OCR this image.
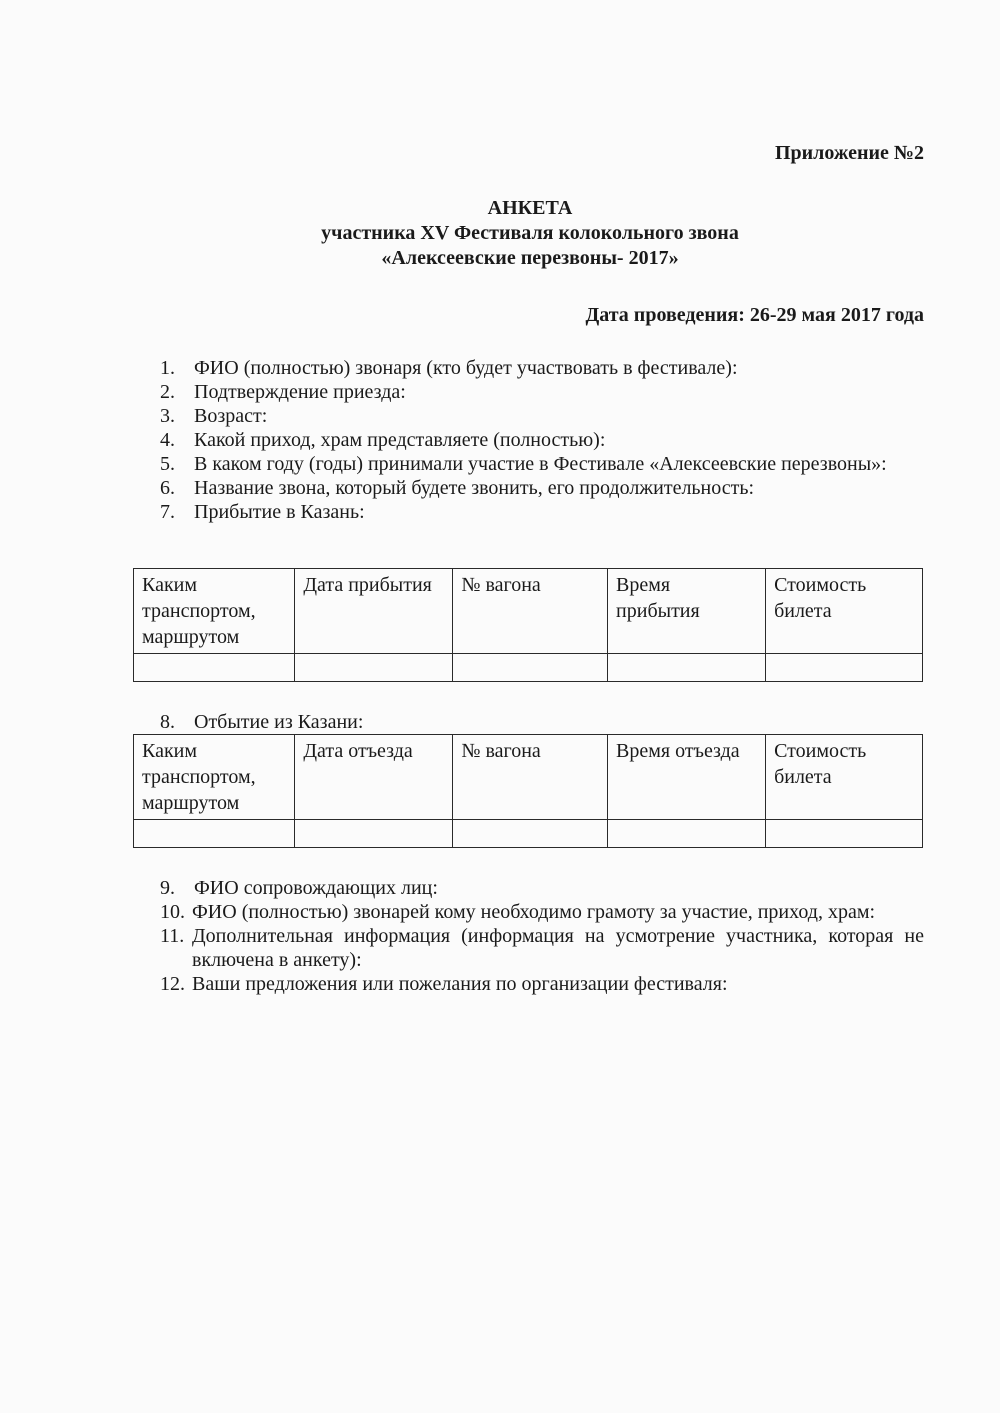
Приложение №2
АНКЕТА
участника XV Фестиваля колокольного звона
«Алексеевские перезвоны- 2017»
Дата проведения: 26-29 мая 2017 года
1. ФИО (полностью) звонаря (кто будет участвовать в фестивале):
2. Подтверждение приезда:
3. Возраст:
4. Какой приход, храм представляете (полностью):
5. В каком году (годы) принимали участие в Фестивале «Алексеевские перезвоны»:
6. Название звона, который будете звонить, его продолжительность:
7. Прибытие в Казань:
Каким транспортом, маршрутом	Дата прибытия	№ вагона	Время прибытия	Стоимость билета

8. Отбытие из Казани:
Каким транспортом, маршрутом	Дата отъезда	№ вагона	Время отъезда	Стоимость билета

9. ФИО сопровождающих лиц:
10. ФИО (полностью) звонарей кому необходимо грамоту за участие, приход, храм:
11. Дополнительная информация (информация на усмотрение участника, которая не включена в анкету):
12. Ваши предложения или пожелания по организации фестиваля:
